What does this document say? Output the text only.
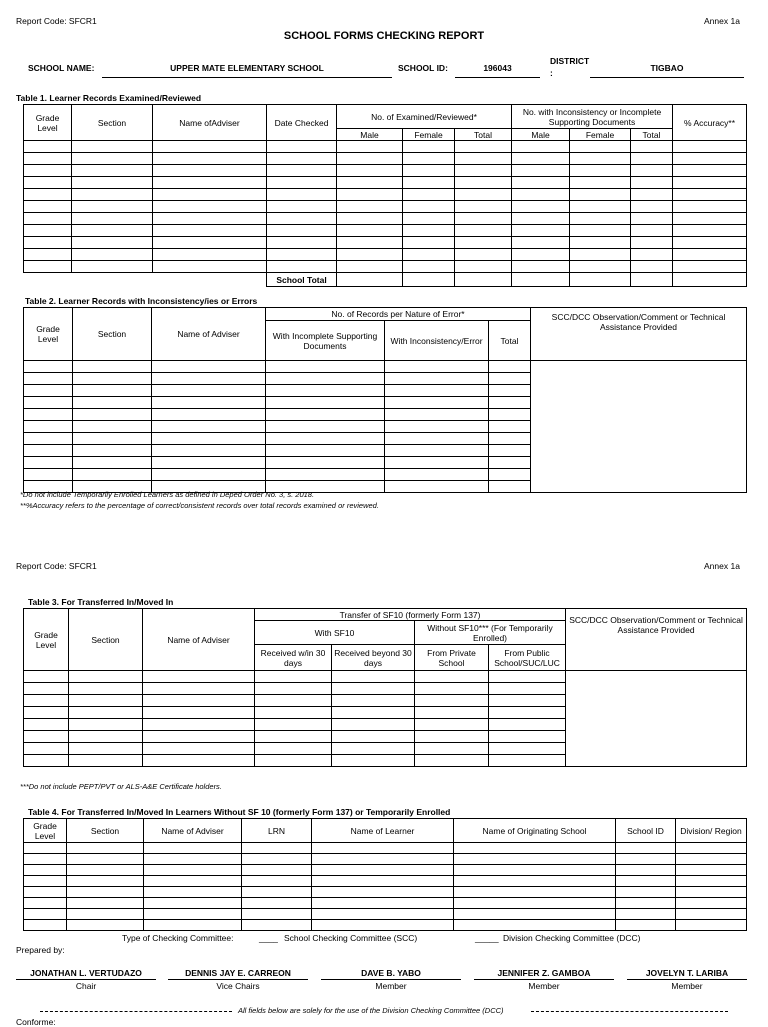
Report Code: SFCR1	Annex 1a
SCHOOL FORMS CHECKING REPORT
SCHOOL NAME:	UPPER MATE ELEMENTARY SCHOOL	SCHOOL ID:	196043
DISTRICT
:	TIGBAO
Table 1. Learner Records Examined/Reviewed
Grade Level	Section	Name ofAdviser	Date Checked	No. of Examined/Reviewed*			No. with Inconsistency or Incomplete Supporting Documents			% Accuracy**
				Male	Female	Total	Male	Female	Total	

			School Total							
Table 2. Learner Records with Inconsistency/ies or Errors
Grade Level	Section	Name of Adviser	No. of Records per Nature of Error*			SCC/DCC Observation/Comment or Technical Assistance Provided
			With Incomplete Supporting Documents	With Inconsistency/Error	Total	

*Do not include Temporarily Enrolled Learners as defined in Deped Order No. 3, s. 2018.
**%Accuracy refers to the percentage of correct/consistent records over total records examined or reviewed.
Report Code: SFCR1	Annex 1a
Table 3. For Transferred In/Moved In
Grade Level	Section	Name of Adviser	Transfer of SF10 (formerly Form 137)				SCC/DCC Observation/Comment or Technical Assistance Provided
			With SF10		Without SF10*** (For Temporarily Enrolled)		
			Received w/in 30 days	Received beyond 30 days	From Private School	From Public School/SUC/LUC	

***Do not include PEPT/PVT or ALS-A&E Certificate holders.
Table 4. For Transferred In/Moved In Learners Without SF 10 (formerly Form 137) or Temporarily Enrolled
Grade Level	Section	Name of Adviser	LRN	Name of Learner	Name of Originating School	School ID	Division/ Region

Type of Checking Committee:	____ School Checking Committee (SCC)	_____ Division Checking Committee (DCC)
Prepared by:
JONATHAN L. VERTUDAZO
Chair
DENNIS JAY E. CARREON
Vice Chairs
DAVE B. YABO
Member
JENNIFER Z. GAMBOA
Member
JOVELYN T. LARIBA
Member
All fields below are solely for the use of the Division Checking Committee (DCC)
Conforme:
